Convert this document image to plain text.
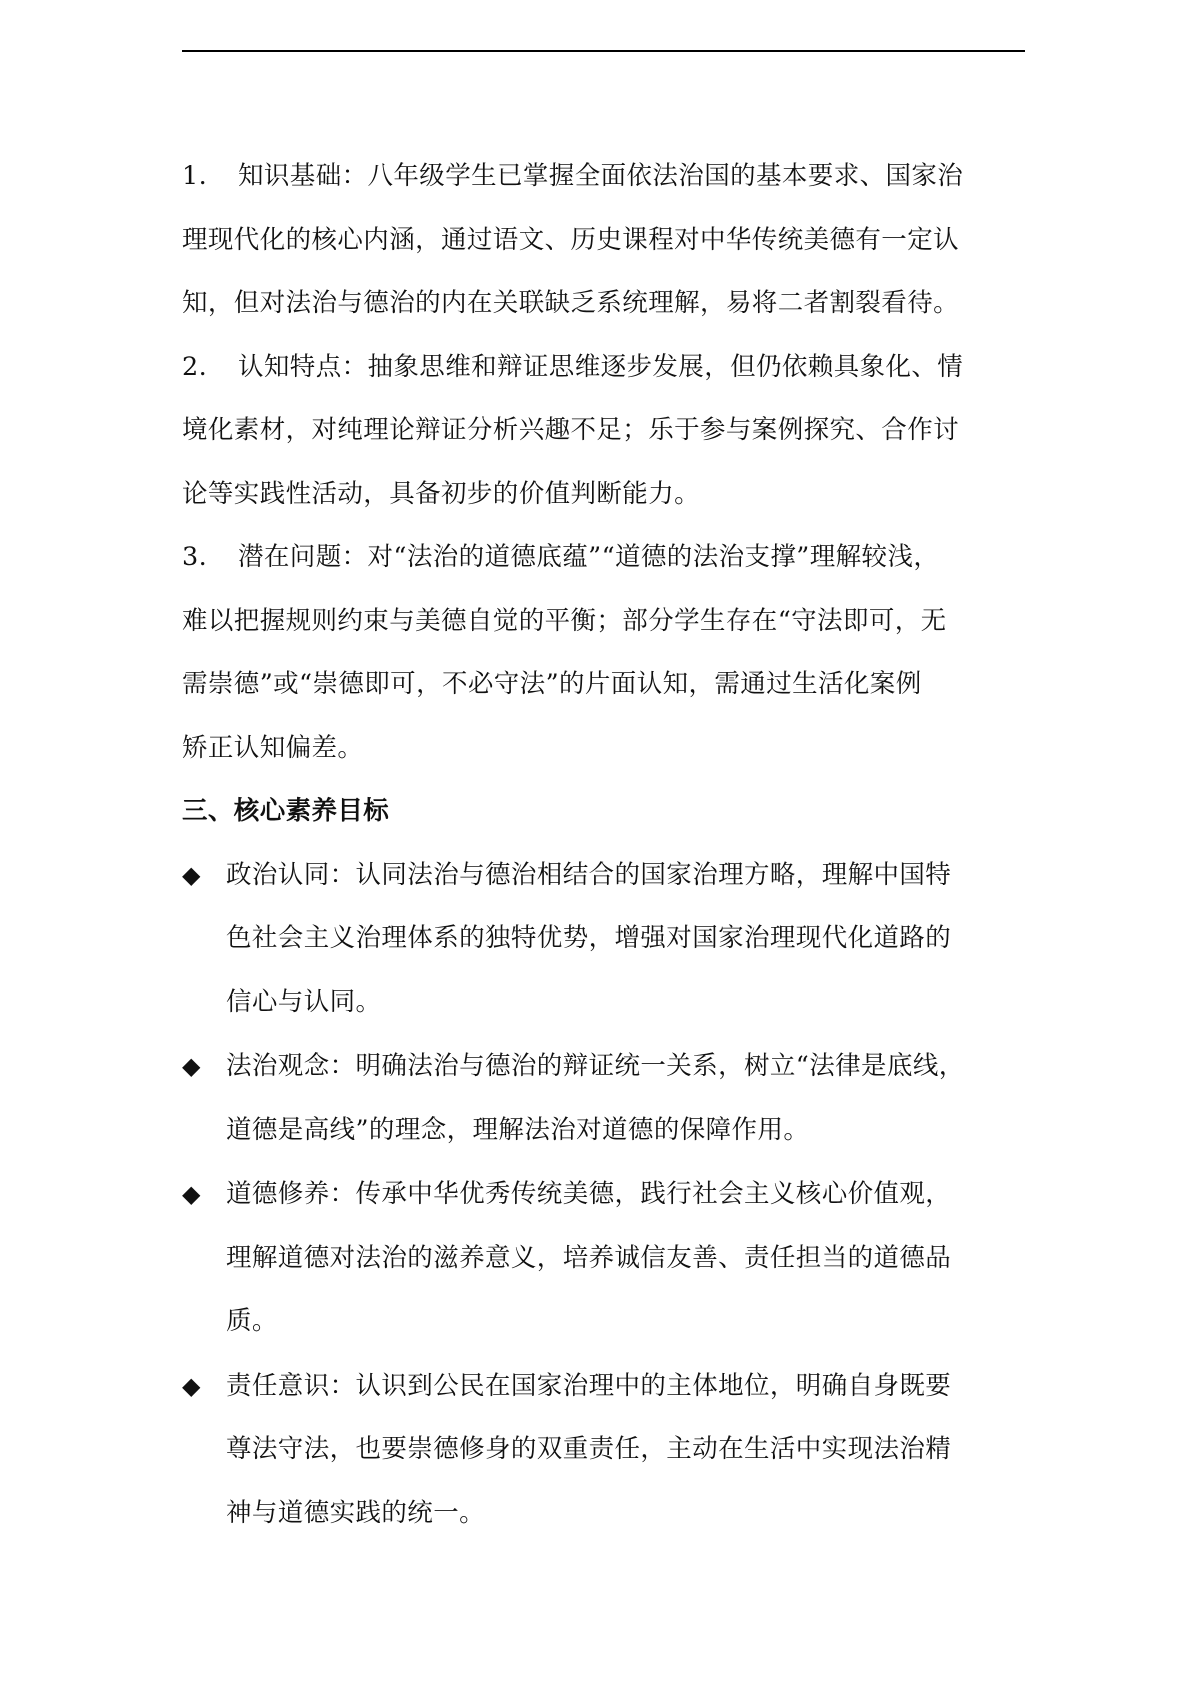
1. 知识基础：八年级学生已掌握全面依法治国的基本要求、国家治
理现代化的核心内涵，通过语文、历史课程对中华传统美德有一定认
知，但对法治与德治的内在关联缺乏系统理解，易将二者割裂看待。
2. 认知特点：抽象思维和辩证思维逐步发展，但仍依赖具象化、情
境化素材，对纯理论辩证分析兴趣不足；乐于参与案例探究、合作讨
论等实践性活动，具备初步的价值判断能力。
3. 潜在问题：对“法治的道德底蕴”“道德的法治支撑”理解较浅，
难以把握规则约束与美德自觉的平衡；部分学生存在“守法即可，无
需崇德”或“崇德即可，不必守法”的片面认知，需通过生活化案例
矫正认知偏差。
三、核心素养目标
◆ 政治认同：认同法治与德治相结合的国家治理方略，理解中国特
色社会主义治理体系的独特优势，增强对国家治理现代化道路的
信心与认同。
◆ 法治观念：明确法治与德治的辩证统一关系，树立“法律是底线，
道德是高线”的理念，理解法治对道德的保障作用。
◆ 道德修养：传承中华优秀传统美德，践行社会主义核心价值观，
理解道德对法治的滋养意义，培养诚信友善、责任担当的道德品
质。
◆ 责任意识：认识到公民在国家治理中的主体地位，明确自身既要
尊法守法，也要崇德修身的双重责任，主动在生活中实现法治精
神与道德实践的统一。
